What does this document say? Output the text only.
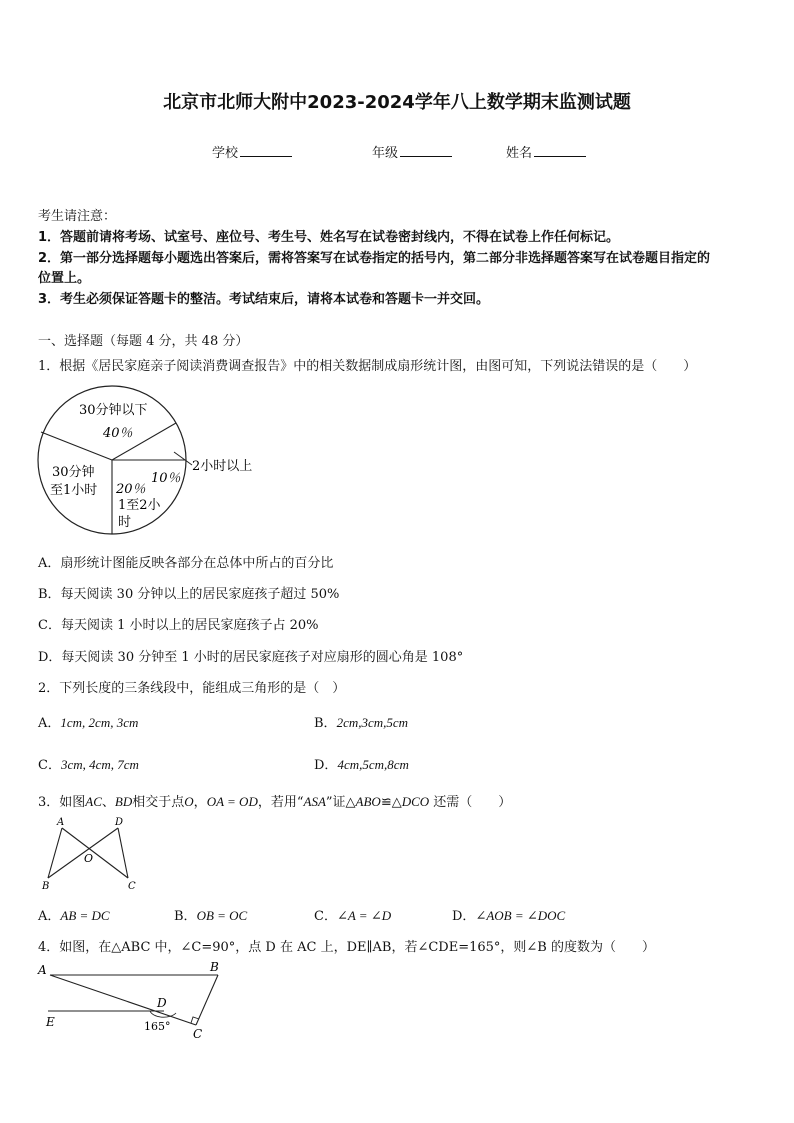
北京市北师大附中2023-2024学年八上数学期末监测试题
学校	年级	姓名
考生请注意：
1．答题前请将考场、试室号、座位号、考生号、姓名写在试卷密封线内，不得在试卷上作任何标记。
2．第一部分选择题每小题选出答案后，需将答案写在试卷指定的括号内，第二部分非选择题答案写在试卷题目指定的
位置上。
3．考生必须保证答题卡的整洁。考试结束后，请将本试卷和答题卡一并交回。
一、选择题（每题 4 分，共 48 分）
1．根据《居民家庭亲子阅读消费调查报告》中的相关数据制成扇形统计图，由图可知，下列说法错误的是（　　）
30分钟以下
40％
30分钟
至1小时 20％
1至2小
时
10％
2小时以上
A．扇形统计图能反映各部分在总体中所占的百分比
B．每天阅读 30 分钟以上的居民家庭孩子超过 50%
C．每天阅读 1 小时以上的居民家庭孩子占 20%
D．每天阅读 30 分钟至 1 小时的居民家庭孩子对应扇形的圆心角是 108°
2．下列长度的三条线段中，能组成三角形的是（　）
A．1cm, 2cm, 3cm	B．2cm,3cm,5cm
C．3cm, 4cm, 7cm	D．4cm,5cm,8cm
3．如图AC、BD相交于点O，OA = OD，若用“ASA”证△ABO≌△DCO 还需（　　）
A	D
O
B	C
A．AB = DC	B．OB = OC	C．∠A = ∠D	D．∠AOB = ∠DOC
4．如图，在△ABC 中，∠C=90°，点 D 在 AC 上，DE∥AB，若∠CDE=165°，则∠B 的度数为（　　）
A	B
D
E
C
165°
